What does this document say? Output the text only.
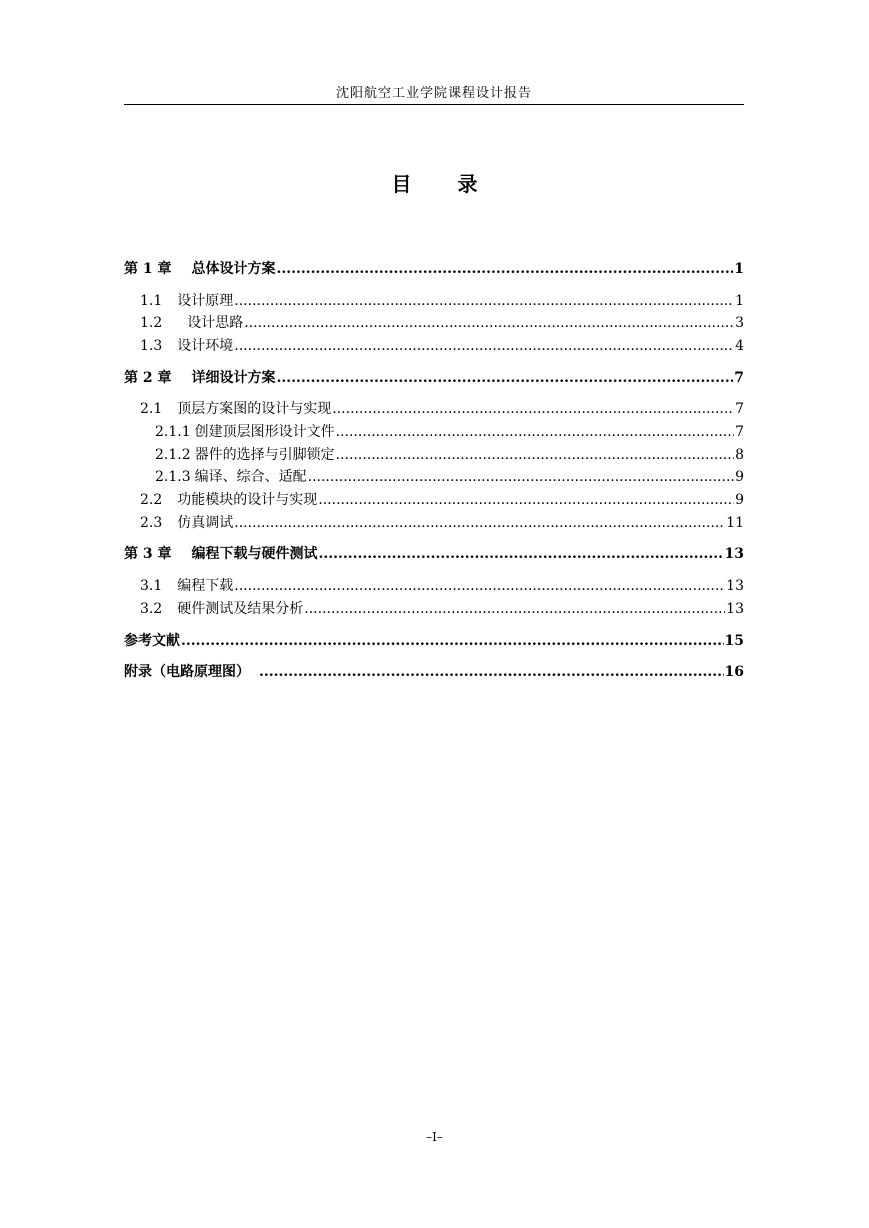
沈阳航空工业学院课程设计报告
目 录
第 1 章 总体设计方案 .....	1
1.1 设计原理 .....	1
1.2 设计思路 .....	3
1.3 设计环境 .....	4
第 2 章 详细设计方案 .....	7
2.1 顶层方案图的设计与实现 .....	7
2.1.1 创建顶层图形设计文件 .....	7
2.1.2 器件的选择与引脚锁定 .....	8
2.1.3 编译、综合、适配 .....	9
2.2 功能模块的设计与实现 .....	9
2.3 仿真调试 .....	11
第 3 章 编程下载与硬件测试 .....	13
3.1 编程下载 .....	13
3.2 硬件测试及结果分析 .....	13
参考文献 .....	15
附录（电路原理图） .....	16
–I–
